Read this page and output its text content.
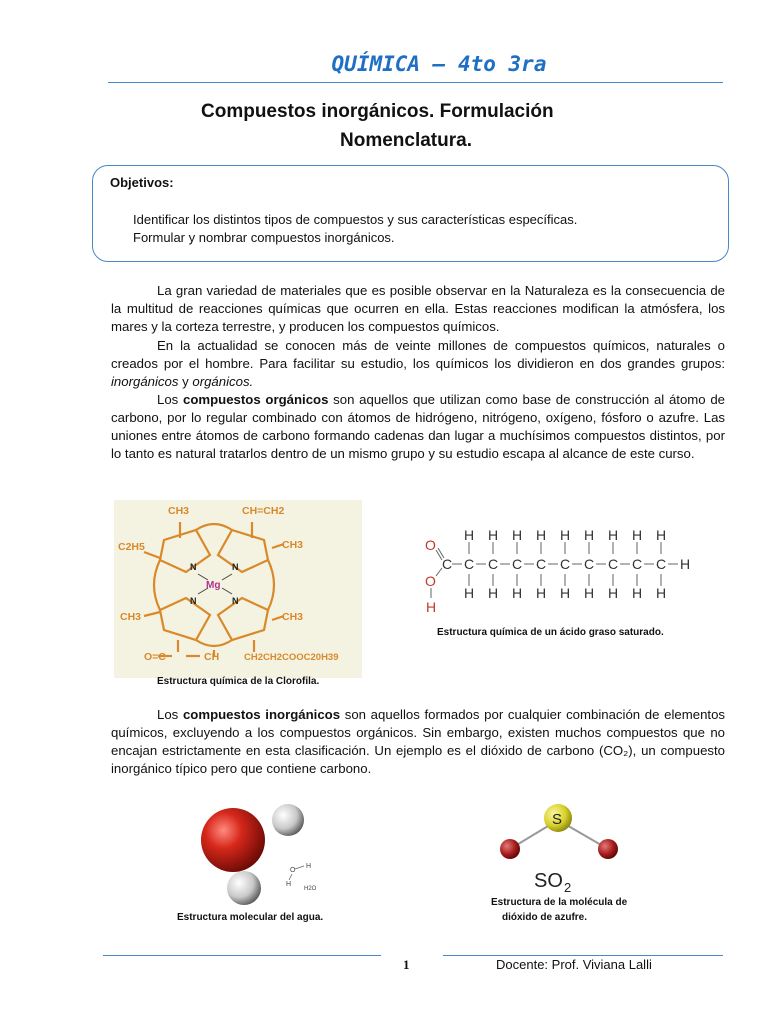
QUÍMICA – 4to 3ra
Compuestos inorgánicos. Formulación
Nomenclatura.
Objetivos:
Identificar los distintos tipos de compuestos y sus características específicas.
Formular y nombrar compuestos inorgánicos.

La gran variedad de materiales que es posible observar en la Naturaleza es la consecuencia de la multitud de reacciones químicas que ocurren en ella. Estas reacciones modifican la atmósfera, los mares y la corteza terrestre, y producen los compuestos químicos.

En la actualidad se conocen más de veinte millones de compuestos químicos, naturales o creados por el hombre. Para facilitar su estudio, los químicos los dividieron en dos grandes grupos: inorgánicos y orgánicos.

Los compuestos orgánicos son aquellos que utilizan como base de construcción al átomo de carbono, por lo regular combinado con átomos de hidrógeno, nitrógeno, oxígeno, fósforo o azufre. Las uniones entre átomos de carbono formando cadenas dan lugar a muchísimos compuestos distintos, por lo tanto es natural tratarlos dentro de un mismo grupo y su estudio escapa al alcance de este curso.

CH3	CH=CH2
C2H5	CH3
CH3	CH3
O=C	CH	CH2CH2COOC20H39
N	N
N	N
Mg
Estructura química de la Clorofila.
O
O
H
C C C C C C C C C C H
H H H H H H H H H
H H H H H H H H H
Estructura química de un ácido graso saturado.

Los compuestos inorgánicos son aquellos formados por cualquier combinación de elementos químicos, excluyendo a los compuestos orgánicos. Sin embargo, existen muchos compuestos que no encajan estrictamente en esta clasificación. Un ejemplo es el dióxido de carbono (CO₂), un compuesto inorgánico típico pero que contiene carbono.

O
H
H
H2O
Estructura molecular del agua.
S
SO 2
Estructura de la molécula de
dióxido de azufre.
1	Docente: Prof. Viviana Lalli
